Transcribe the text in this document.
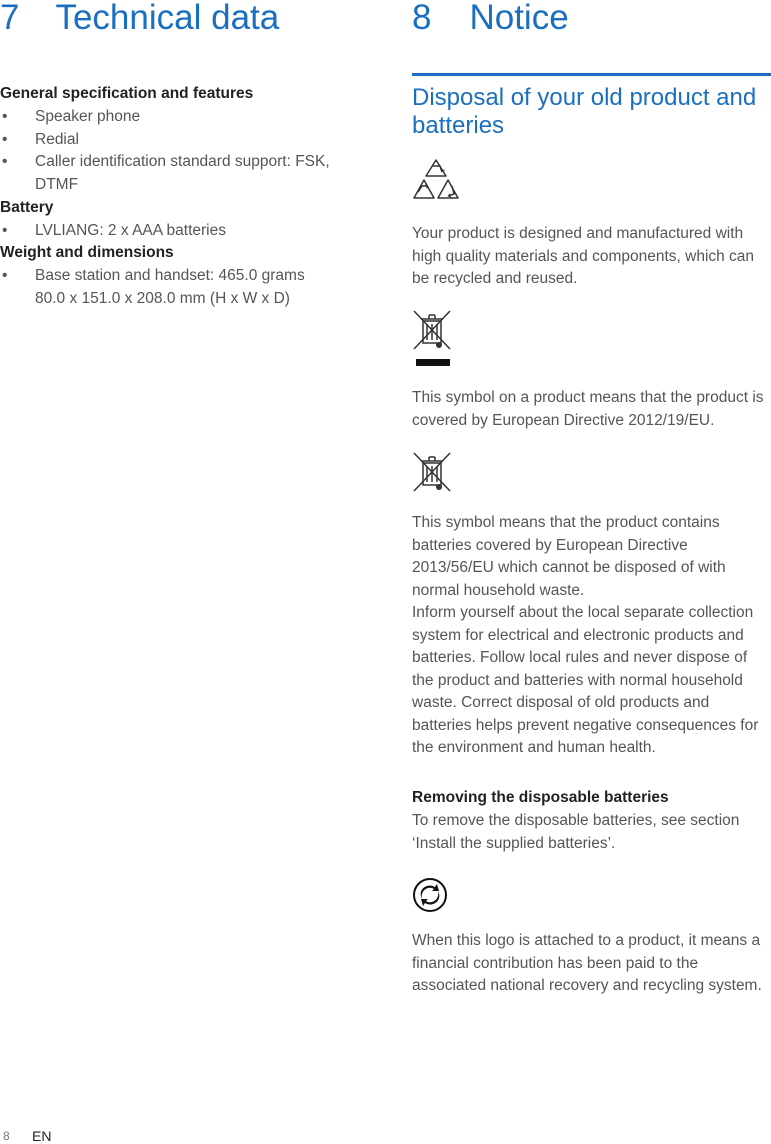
7 Technical data
General specification and features
• Speaker phone
• Redial
• Caller identification standard support: FSK, DTMF
Battery
• LVLIANG: 2 x AAA batteries
Weight and dimensions
• Base station and handset: 465.0 grams
80.0 x 151.0 x 208.0 mm (H x W x D)
8 Notice
Disposal of your old product and batteries

Your product is designed and manufactured with high quality materials and components, which can be recycled and reused.

This symbol on a product means that the product is covered by European Directive 2012/19/EU.

This symbol means that the product contains batteries covered by European Directive 2013/56/EU which cannot be disposed of with normal household waste.

Inform yourself about the local separate collection system for electrical and electronic products and batteries. Follow local rules and never dispose of the product and batteries with normal household waste. Correct disposal of old products and batteries helps prevent negative consequences for the environment and human health.

Removing the disposable batteries

To remove the disposable batteries, see section ‘Install the supplied batteries’.

When this logo is attached to a product, it means a financial contribution has been paid to the associated national recovery and recycling system.

8 EN
